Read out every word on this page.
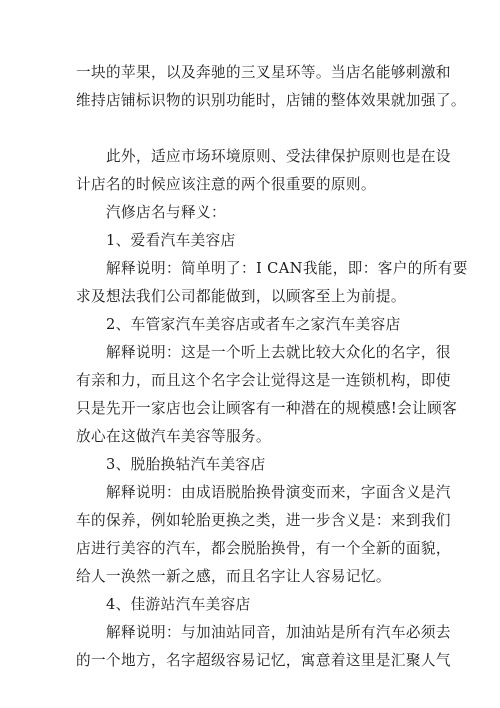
一块的苹果，以及奔驰的三叉星环等。当店名能够刺激和
维持店铺标识物的识别功能时，店铺的整体效果就加强了。
此外，适应市场环境原则、受法律保护原则也是在设
计店名的时候应该注意的两个很重要的原则。
汽修店名与释义：
1、爱看汽车美容店
解释说明：简单明了：I CAN我能，即：客户的所有要
求及想法我们公司都能做到，以顾客至上为前提。
2、车管家汽车美容店或者车之家汽车美容店
解释说明：这是一个听上去就比较大众化的名字，很
有亲和力，而且这个名字会让觉得这是一连锁机构，即使
只是先开一家店也会让顾客有一种潜在的规模感!会让顾客
放心在这做汽车美容等服务。
3、脱胎换轱汽车美容店
解释说明：由成语脱胎换骨演变而来，字面含义是汽
车的保养，例如轮胎更换之类，进一步含义是：来到我们
店进行美容的汽车，都会脱胎换骨，有一个全新的面貌，
给人一涣然一新之感，而且名字让人容易记忆。
4、佳游站汽车美容店
解释说明：与加油站同音，加油站是所有汽车必须去
的一个地方，名字超级容易记忆，寓意着这里是汇聚人气
